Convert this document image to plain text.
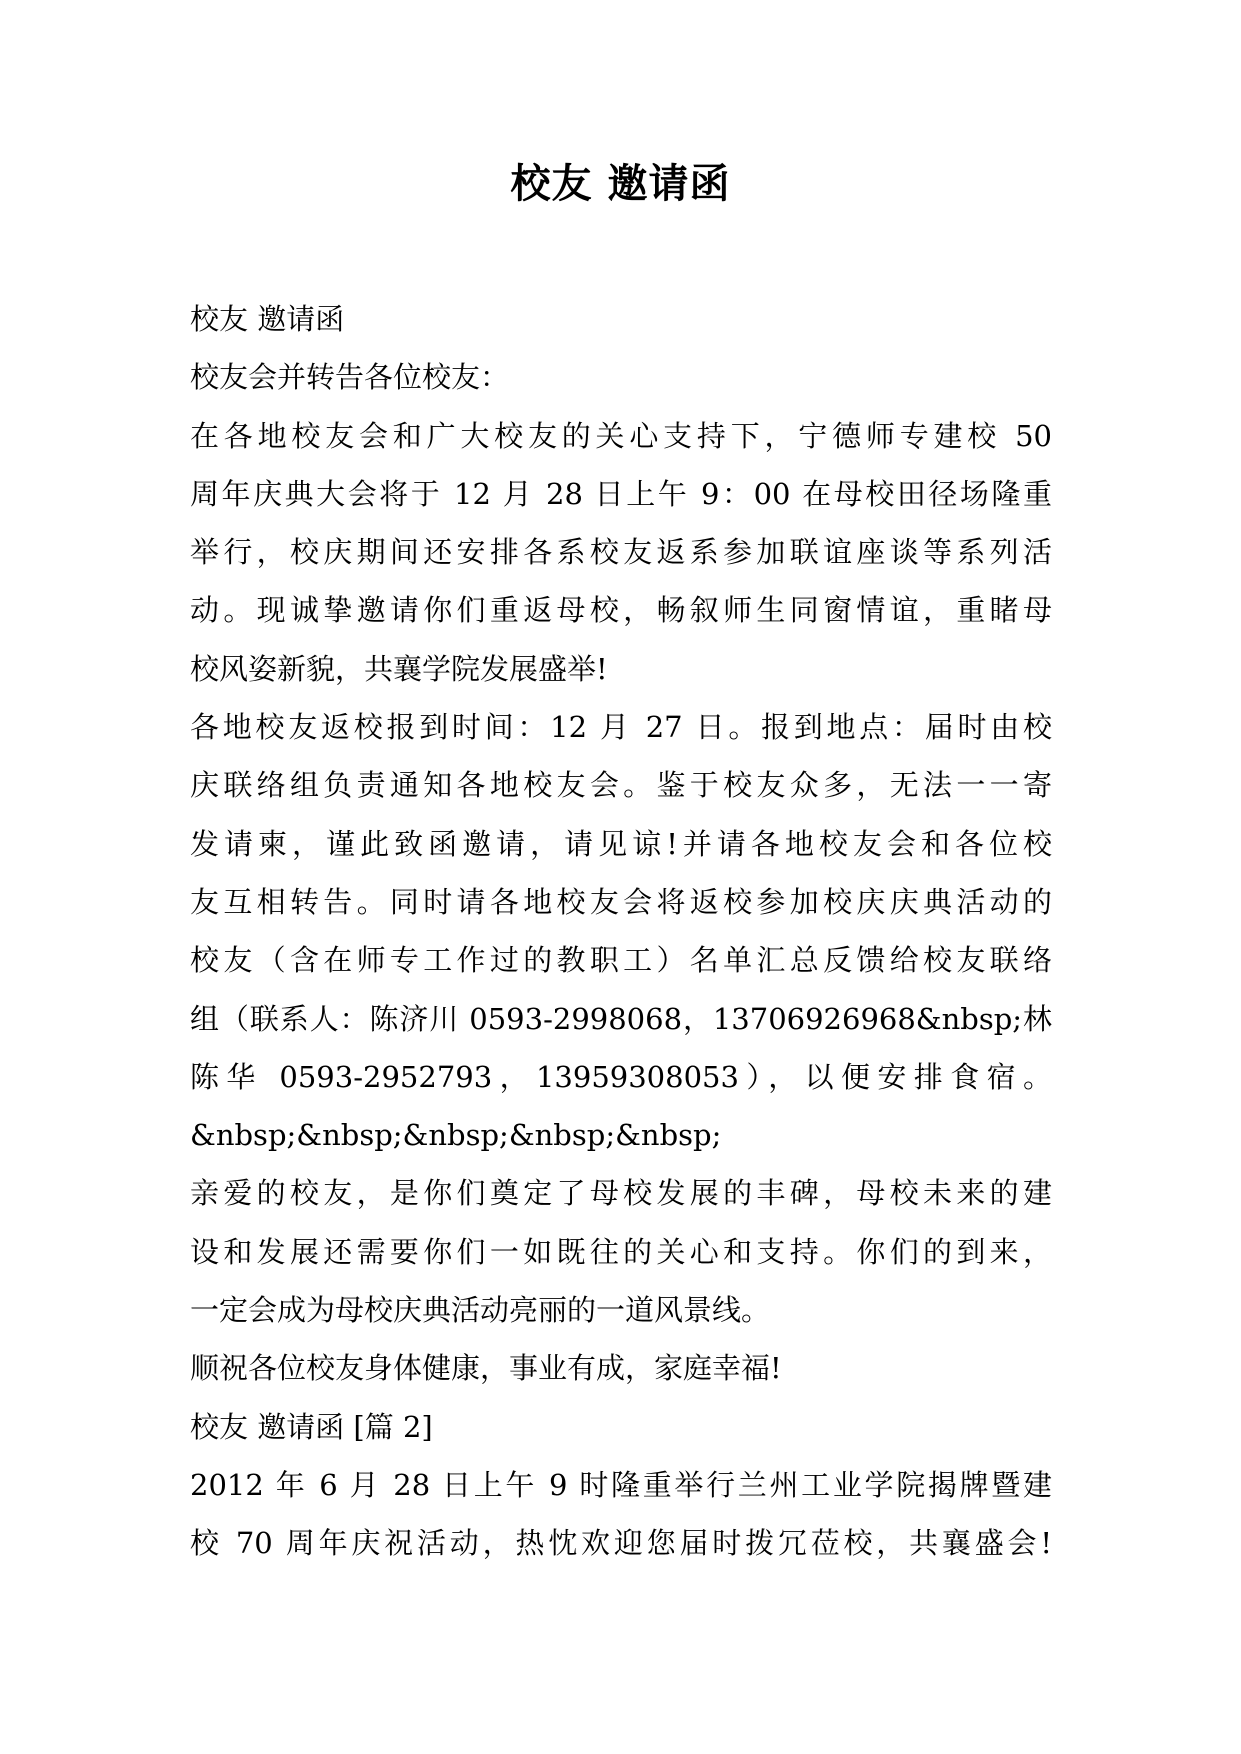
校友 邀请函
校友 邀请函
校友会并转告各位校友：
在各地校友会和广大校友的关心支持下，宁德师专建校 50
周年庆典大会将于 12 月 28 日上午 9：00 在母校田径场隆重
举行，校庆期间还安排各系校友返系参加联谊座谈等系列活
动。现诚挚邀请你们重返母校，畅叙师生同窗情谊，重睹母
校风姿新貌，共襄学院发展盛举!
各地校友返校报到时间：12 月 27 日。报到地点：届时由校
庆联络组负责通知各地校友会。鉴于校友众多，无法一一寄
发请柬，谨此致函邀请，请见谅!并请各地校友会和各位校
友互相转告。同时请各地校友会将返校参加校庆庆典活动的
校友（含在师专工作过的教职工）名单汇总反馈给校友联络
组（联系人：陈济川 0593-2998068，13706926968&nbsp;林
陈华 0593-2952793，13959308053），以便安排食宿。
&nbsp;&nbsp;&nbsp;&nbsp;&nbsp;
亲爱的校友，是你们奠定了母校发展的丰碑，母校未来的建
设和发展还需要你们一如既往的关心和支持。你们的到来，
一定会成为母校庆典活动亮丽的一道风景线。
顺祝各位校友身体健康，事业有成，家庭幸福!
校友 邀请函 [篇 2]
2012 年 6 月 28 日上午 9 时隆重举行兰州工业学院揭牌暨建
校 70 周年庆祝活动，热忱欢迎您届时拨冗莅校，共襄盛会!
